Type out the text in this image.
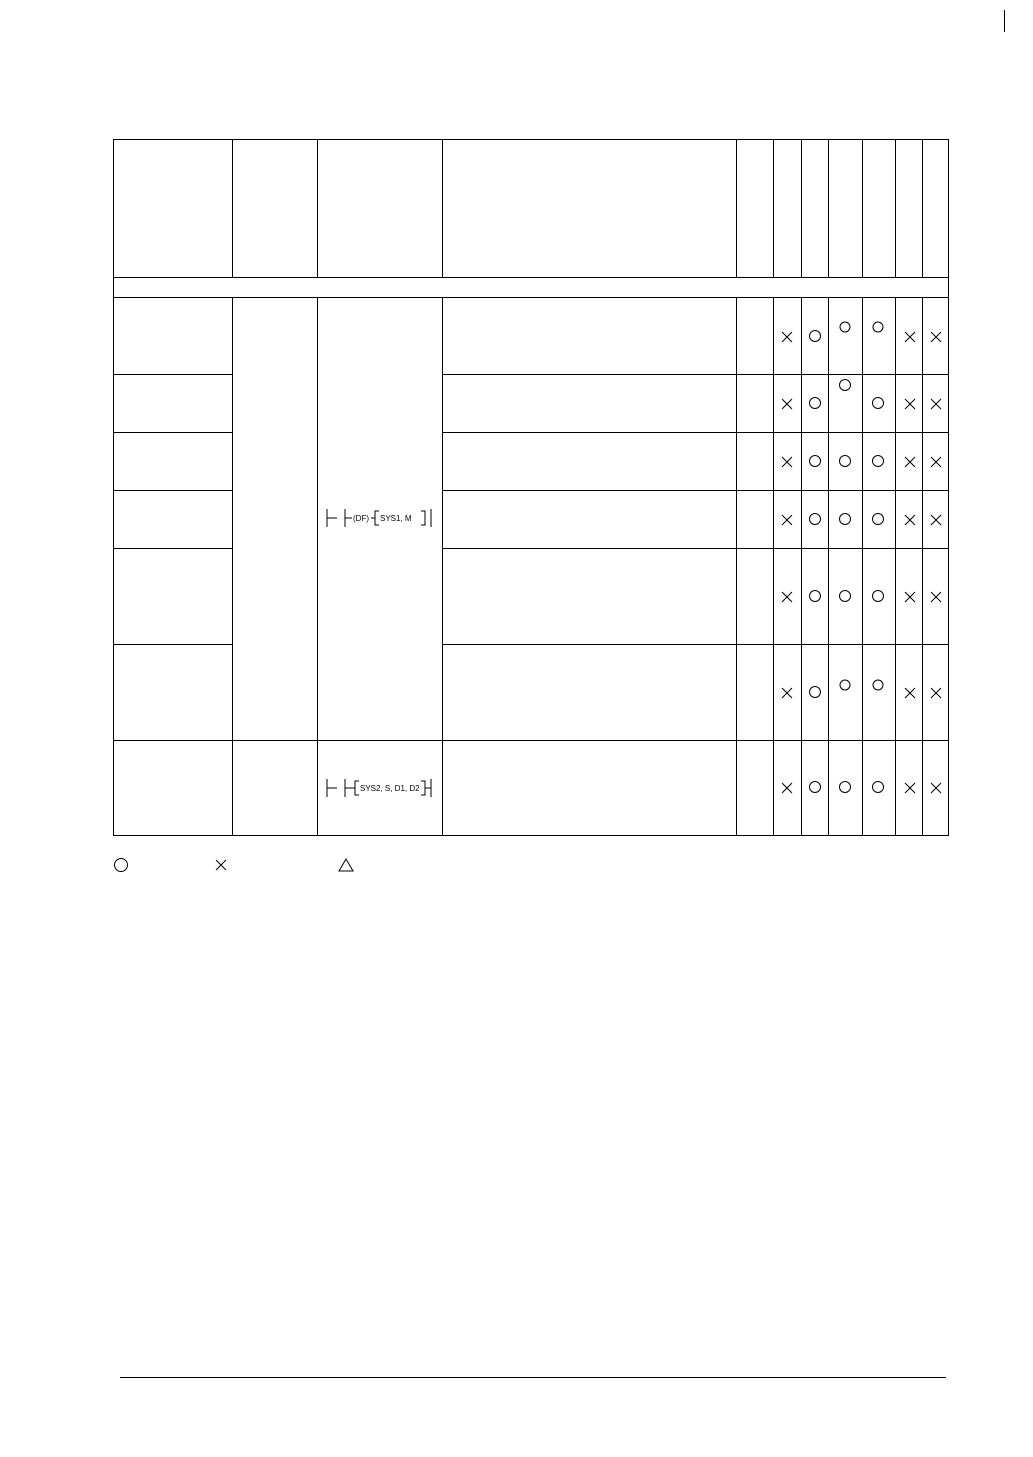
(DF) SYS1, M
SYS2, S, D1, D2
